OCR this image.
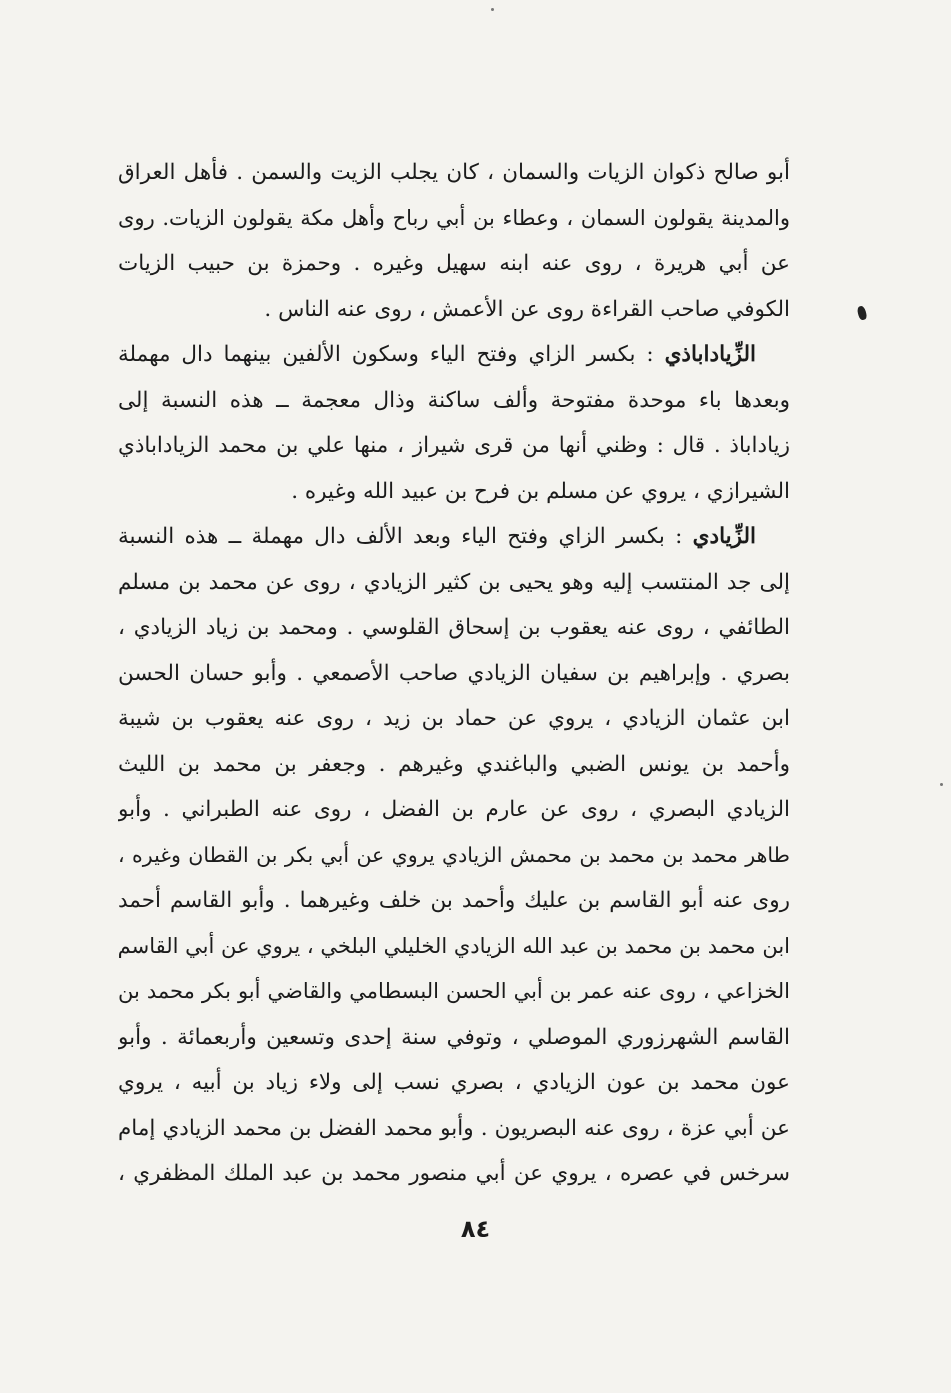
أبو صالح ذكوان الزيات والسمان ، كان يجلب الزيت والسمن . فأهل العراق
والمدينة يقولون السمان ، وعطاء بن أبي رباح وأهل مكة يقولون الزيات. روى
عن أبي هريرة ، روى عنه ابنه سهيل وغيره . وحمزة بن حبيب الزيات
الكوفي صاحب القراءة روى عن الأعمش ، روى عنه الناس .
الزِّياداباذي : بكسر الزاي وفتح الياء وسكون الألفين بينهما دال مهملة
وبعدها باء موحدة مفتوحة وألف ساكنة وذال معجمة ــ هذه النسبة إلى
زياداباذ . قال : وظني أنها من قرى شيراز ، منها علي بن محمد الزياداباذي
الشيرازي ، يروي عن مسلم بن فرح بن عبيد الله وغيره .
الزِّيادي : بكسر الزاي وفتح الياء وبعد الألف دال مهملة ــ هذه النسبة
إلى جد المنتسب إليه وهو يحيى بن كثير الزيادي ، روى عن محمد بن مسلم
الطائفي ، روى عنه يعقوب بن إسحاق القلوسي . ومحمد بن زياد الزيادي ،
بصري . وإبراهيم بن سفيان الزيادي صاحب الأصمعي . وأبو حسان الحسن
ابن عثمان الزيادي ، يروي عن حماد بن زيد ، روى عنه يعقوب بن شيبة
وأحمد بن يونس الضبي والباغندي وغيرهم . وجعفر بن محمد بن الليث
الزيادي البصري ، روى عن عارم بن الفضل ، روى عنه الطبراني . وأبو
طاهر محمد بن محمد بن محمش الزيادي يروي عن أبي بكر بن القطان وغيره ،
روى عنه أبو القاسم بن عليك وأحمد بن خلف وغيرهما . وأبو القاسم أحمد
ابن محمد بن محمد بن عبد الله الزيادي الخليلي البلخي ، يروي عن أبي القاسم
الخزاعي ، روى عنه عمر بن أبي الحسن البسطامي والقاضي أبو بكر محمد بن
القاسم الشهرزوري الموصلي ، وتوفي سنة إحدى وتسعين وأربعمائة . وأبو
عون محمد بن عون الزيادي ، بصري نسب إلى ولاء زياد بن أبيه ، يروي
عن أبي عزة ، روى عنه البصريون . وأبو محمد الفضل بن محمد الزيادي إمام
سرخس في عصره ، يروي عن أبي منصور محمد بن عبد الملك المظفري ،
٨٤
